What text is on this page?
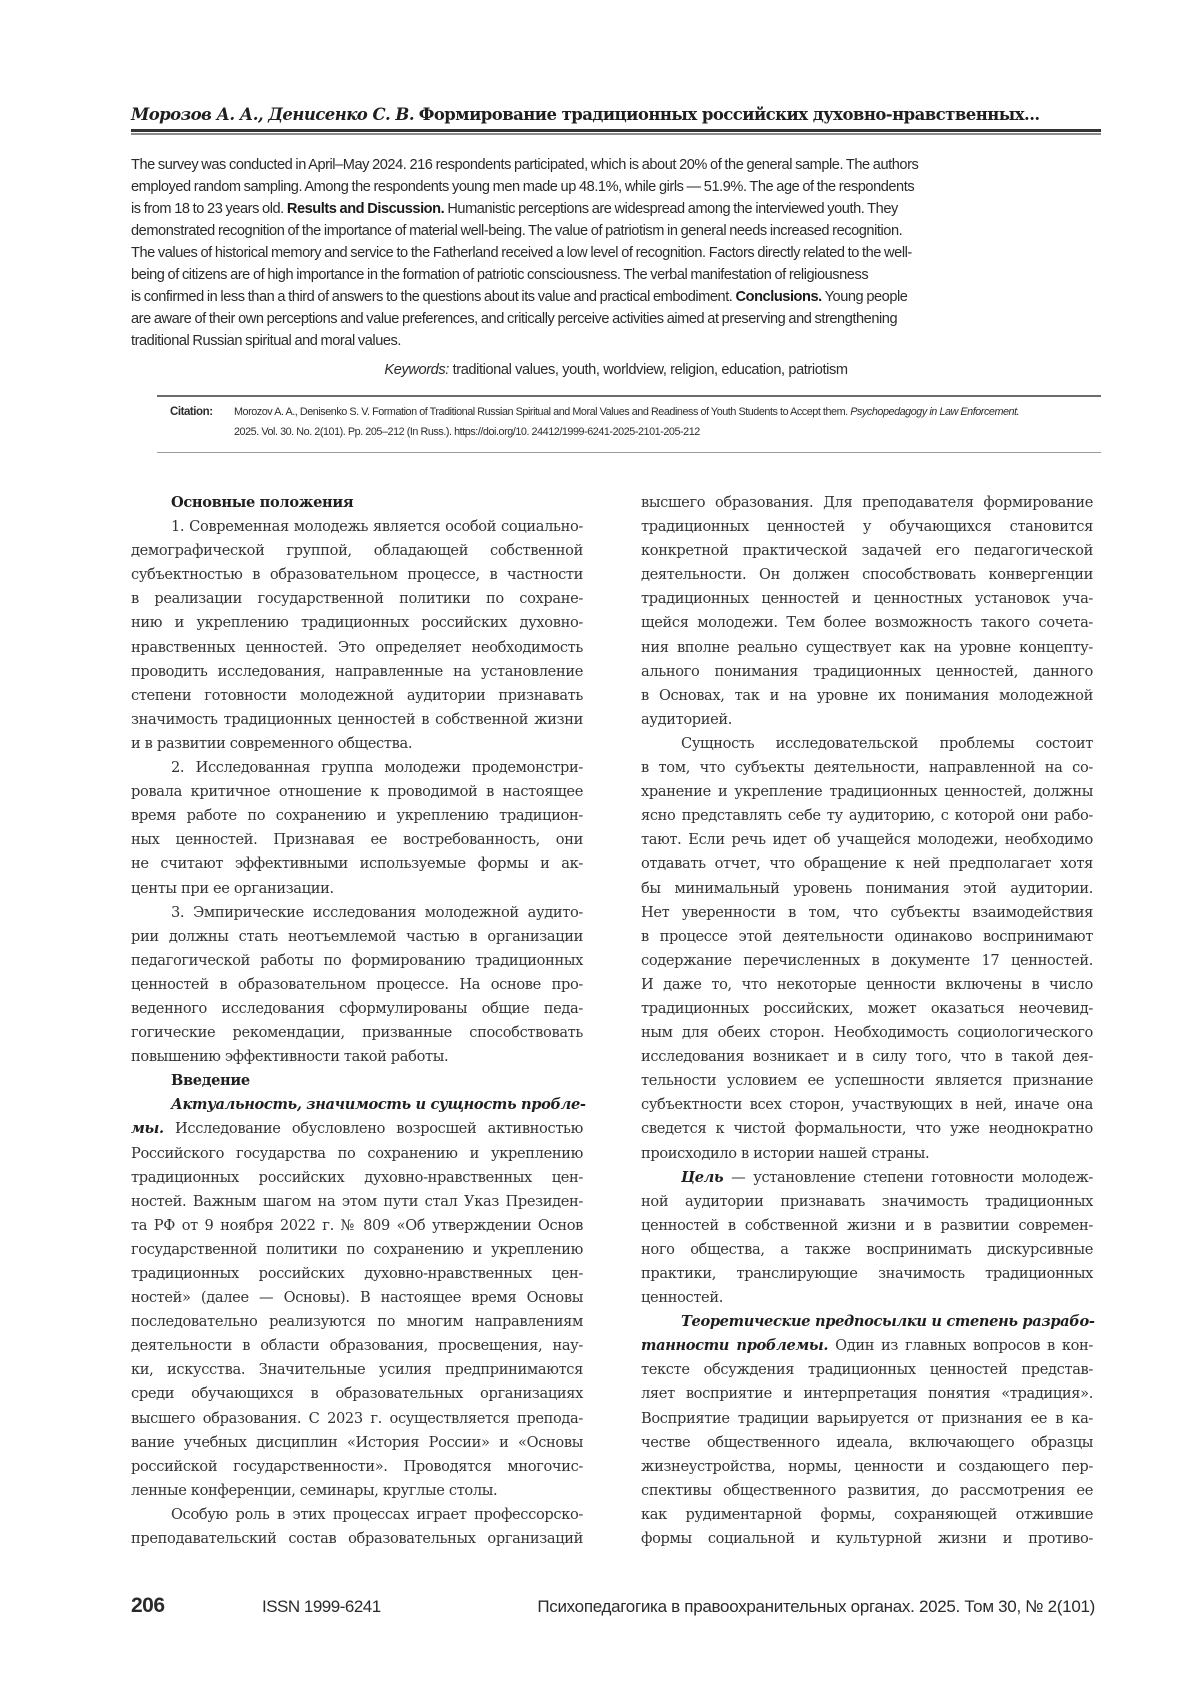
Морозов А. А., Денисенко С. В. Формирование традиционных российских духовно-нравственных...
The survey was conducted in April–May 2024. 216 respondents participated, which is about 20% of the general sample. The authors
employed random sampling. Among the respondents young men made up 48.1%, while girls — 51.9%. The age of the respondents
is from 18 to 23 years old. Results and Discussion. Humanistic perceptions are widespread among the interviewed youth. They
demonstrated recognition of the importance of material well-being. The value of patriotism in general needs increased recognition.
The values of historical memory and service to the Fatherland received a low level of recognition. Factors directly related to the well-
being of citizens are of high importance in the formation of patriotic consciousness. The verbal manifestation of religiousness
is confirmed in less than a third of answers to the questions about its value and practical embodiment. Conclusions. Young people
are aware of their own perceptions and value preferences, and critically perceive activities aimed at preserving and strengthening
traditional Russian spiritual and moral values.
Keywords: traditional values, youth, worldview, religion, education, patriotism
Citation: Morozov A. A., Denisenko S. V. Formation of Traditional Russian Spiritual and Moral Values and Readiness of Youth Students to Accept them. Psychopedagogy in Law Enforcement.
2025. Vol. 30. No. 2(101). Pp. 205–212 (In Russ.). https://doi.org/10. 24412/1999-6241-2025-2101-205-212
Основные положения
1. Современная молодежь является особой социально-
демографической группой, обладающей собственной
субъектностью в образовательном процессе, в частности
в реализации государственной политики по сохране-
нию и укреплению традиционных российских духовно-
нравственных ценностей. Это определяет необходимость
проводить исследования, направленные на установление
степени готовности молодежной аудитории признавать
значимость традиционных ценностей в собственной жизни
и в развитии современного общества.
2. Исследованная группа молодежи продемонстри-
ровала критичное отношение к проводимой в настоящее
время работе по сохранению и укреплению традицион-
ных ценностей. Признавая ее востребованность, они
не считают эффективными используемые формы и ак-
центы при ее организации.
3. Эмпирические исследования молодежной аудито-
рии должны стать неотъемлемой частью в организации
педагогической работы по формированию традиционных
ценностей в образовательном процессе. На основе про-
веденного исследования сформулированы общие педа-
гогические рекомендации, призванные способствовать
повышению эффективности такой работы.
Введение
Актуальность, значимость и сущность пробле-
мы. Исследование обусловлено возросшей активностью
Российского государства по сохранению и укреплению
традиционных российских духовно-нравственных цен-
ностей. Важным шагом на этом пути стал Указ Президен-
та РФ от 9 ноября 2022 г. № 809 «Об утверждении Основ
государственной политики по сохранению и укреплению
традиционных российских духовно-нравственных цен-
ностей» (далее — Основы). В настоящее время Основы
последовательно реализуются по многим направлениям
деятельности в области образования, просвещения, нау-
ки, искусства. Значительные усилия предпринимаются
среди обучающихся в образовательных организациях
высшего образования. С 2023 г. осуществляется препода-
вание учебных дисциплин «История России» и «Основы
российской государственности». Проводятся многочис-
ленные конференции, семинары, круглые столы.
Особую роль в этих процессах играет профессорско-
преподавательский состав образовательных организаций
высшего образования. Для преподавателя формирование
традиционных ценностей у обучающихся становится
конкретной практической задачей его педагогической
деятельности. Он должен способствовать конвергенции
традиционных ценностей и ценностных установок уча-
щейся молодежи. Тем более возможность такого сочета-
ния вполне реально существует как на уровне концепту-
ального понимания традиционных ценностей, данного
в Основах, так и на уровне их понимания молодежной
аудиторией.
Сущность исследовательской проблемы состоит
в том, что субъекты деятельности, направленной на со-
хранение и укрепление традиционных ценностей, должны
ясно представлять себе ту аудиторию, с которой они рабо-
тают. Если речь идет об учащейся молодежи, необходимо
отдавать отчет, что обращение к ней предполагает хотя
бы минимальный уровень понимания этой аудитории.
Нет уверенности в том, что субъекты взаимодействия
в процессе этой деятельности одинаково воспринимают
содержание перечисленных в документе 17 ценностей.
И даже то, что некоторые ценности включены в число
традиционных российских, может оказаться неочевид-
ным для обеих сторон. Необходимость социологического
исследования возникает и в силу того, что в такой дея-
тельности условием ее успешности является признание
субъектности всех сторон, участвующих в ней, иначе она
сведется к чистой формальности, что уже неоднократно
происходило в истории нашей страны.
Цель — установление степени готовности молодеж-
ной аудитории признавать значимость традиционных
ценностей в собственной жизни и в развитии современ-
ного общества, а также воспринимать дискурсивные
практики, транслирующие значимость традиционных
ценностей.
Теоретические предпосылки и степень разрабо-
танности проблемы. Один из главных вопросов в кон-
тексте обсуждения традиционных ценностей представ-
ляет восприятие и интерпретация понятия «традиция».
Восприятие традиции варьируется от признания ее в ка-
честве общественного идеала, включающего образцы
жизнеустройства, нормы, ценности и создающего пер-
спективы общественного развития, до рассмотрения ее
как рудиментарной формы, сохраняющей отжившие
формы социальной и культурной жизни и противо-
206	ISSN 1999-6241	Психопедагогика в правоохранительных органах. 2025. Том 30, № 2(101)
